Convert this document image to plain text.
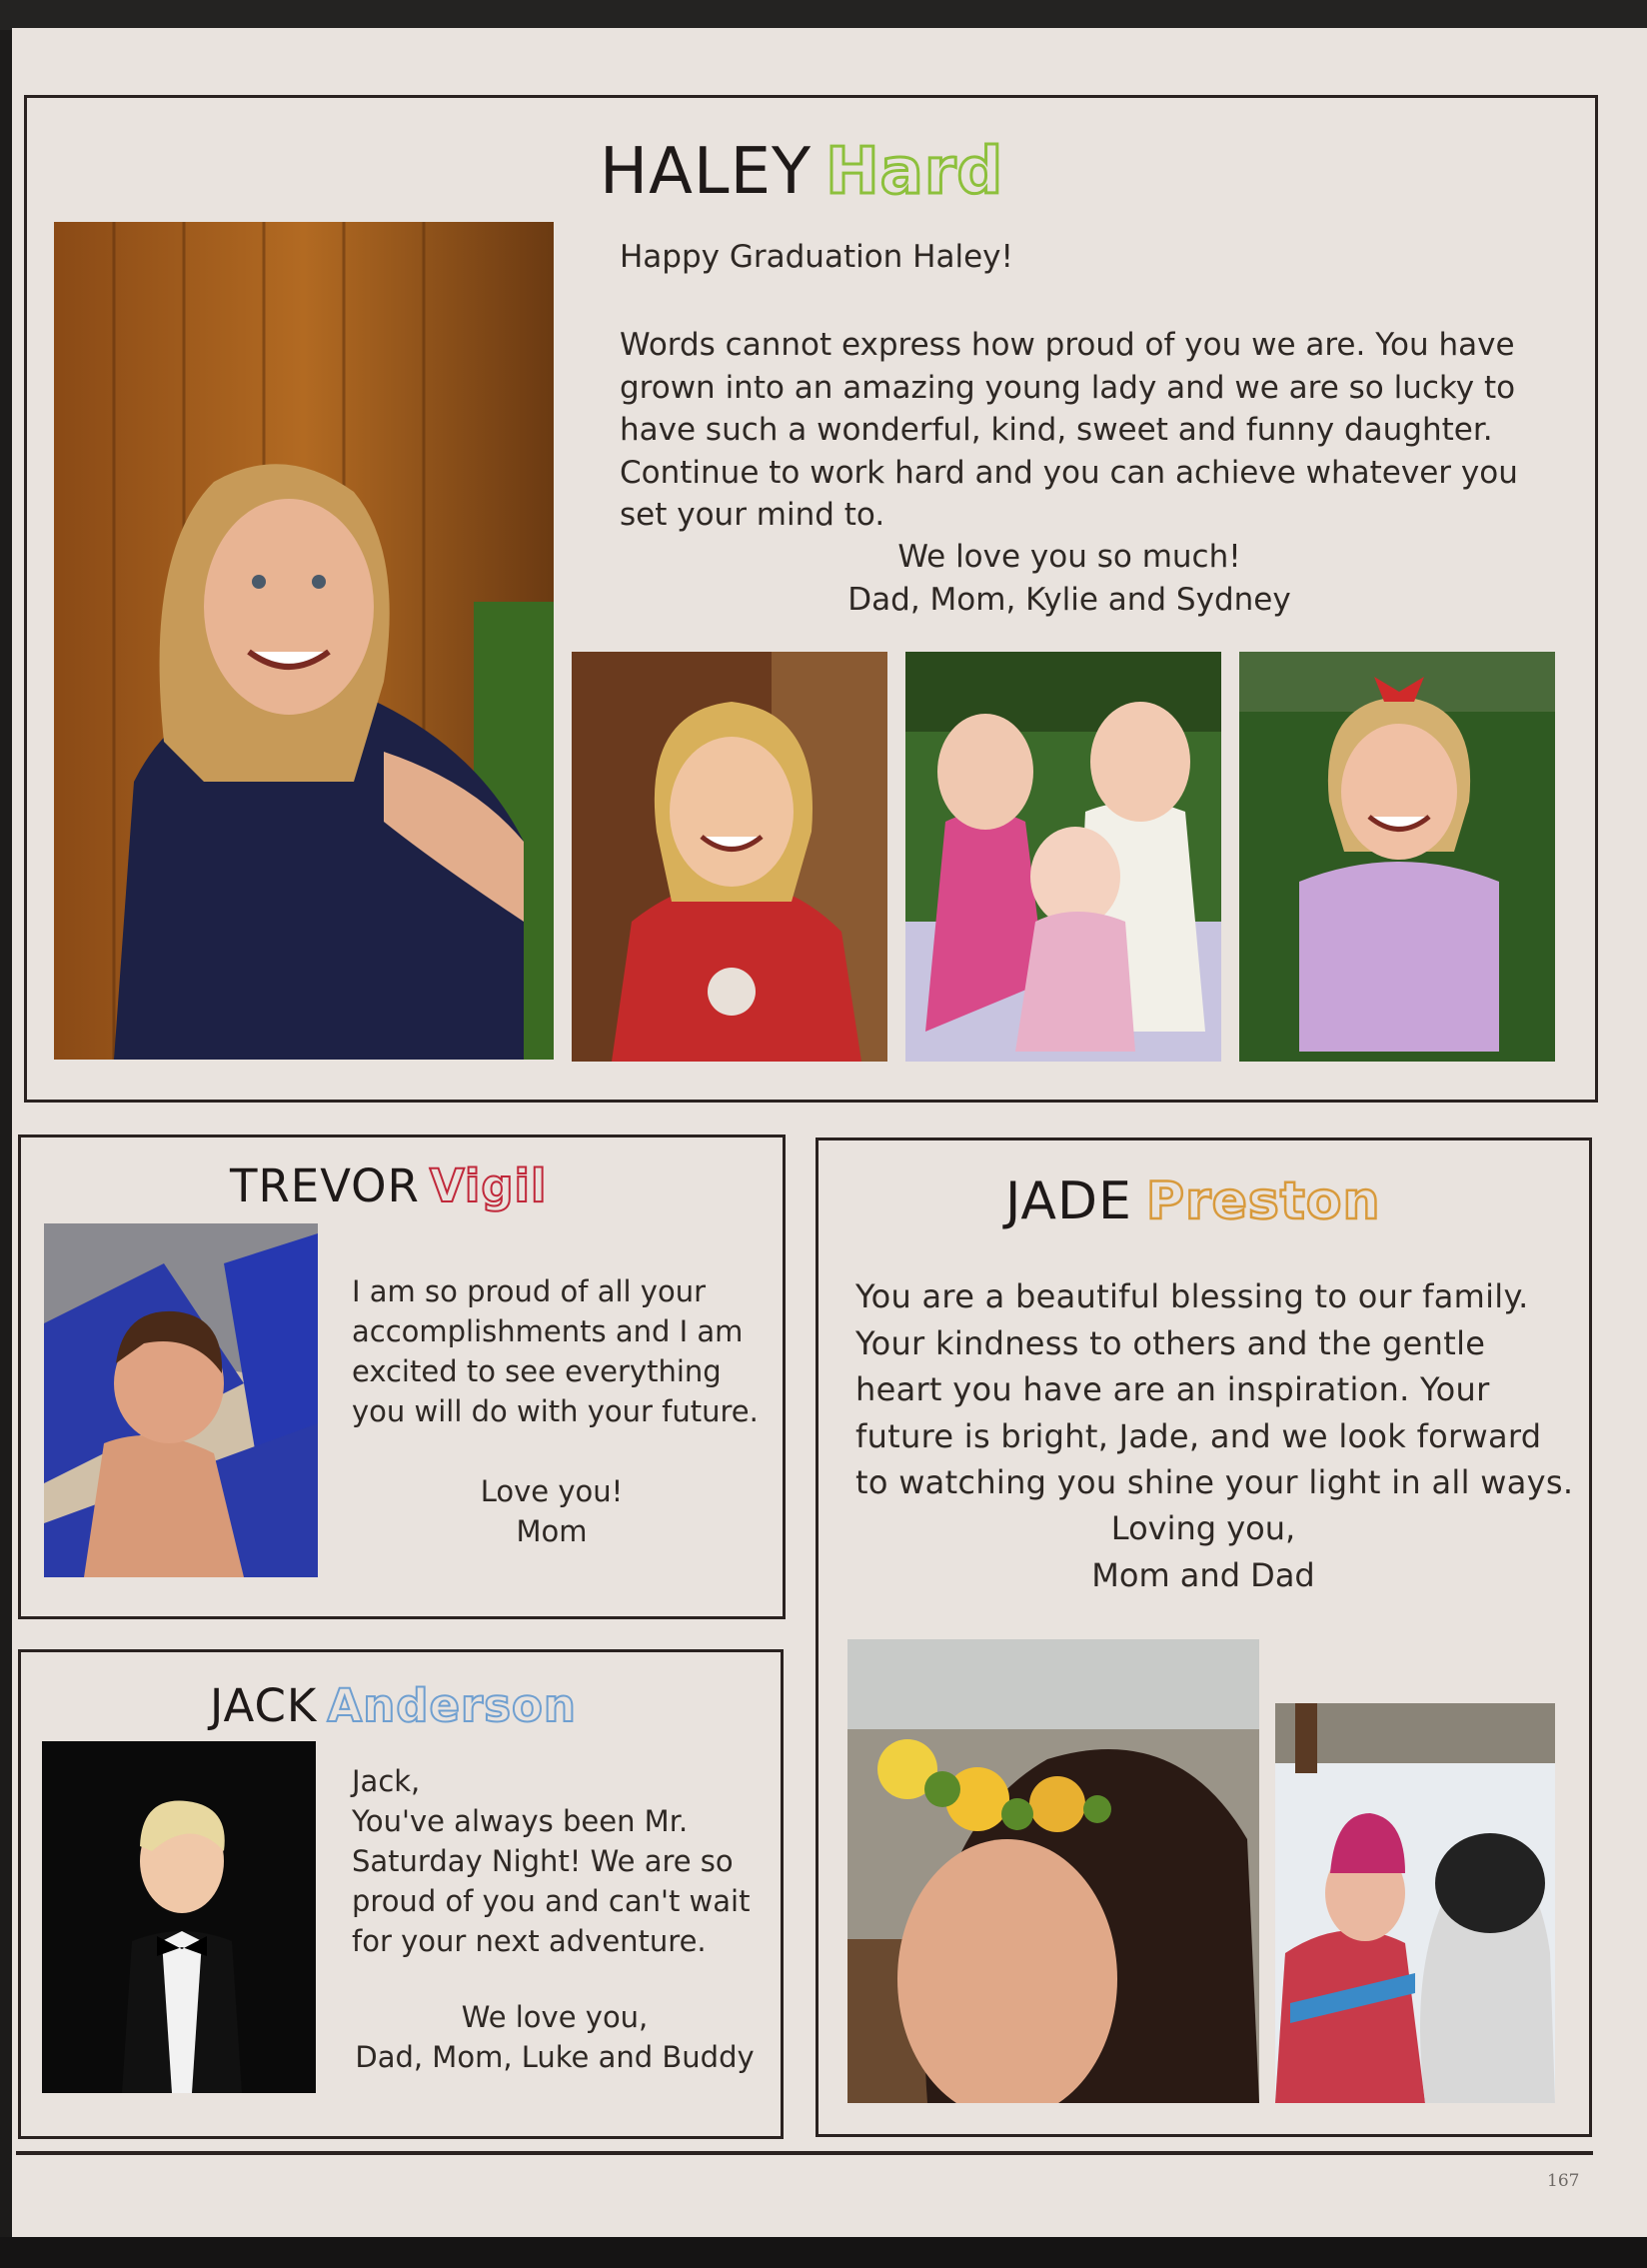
HALEY Hard
Happy Graduation Haley!
Words cannot express how proud of you we are. You have
grown into an amazing young lady and we are so lucky to
have such a wonderful, kind, sweet and funny daughter.
Continue to work hard and you can achieve whatever you
set your mind to.
We love you so much!
Dad, Mom, Kylie and Sydney
TREVOR Vigil
I am so proud of all your
accomplishments and I am
excited to see everything
you will do with your future.
Love you!
Mom
JACK Anderson
Jack,
You've always been Mr.
Saturday Night! We are so
proud of you and can't wait
for your next adventure.
We love you,
Dad, Mom, Luke and Buddy
JADE Preston
You are a beautiful blessing to our family.
Your kindness to others and the gentle
heart you have are an inspiration. Your
future is bright, Jade, and we look forward
to watching you shine your light in all ways.
Loving you,
Mom and Dad
167
